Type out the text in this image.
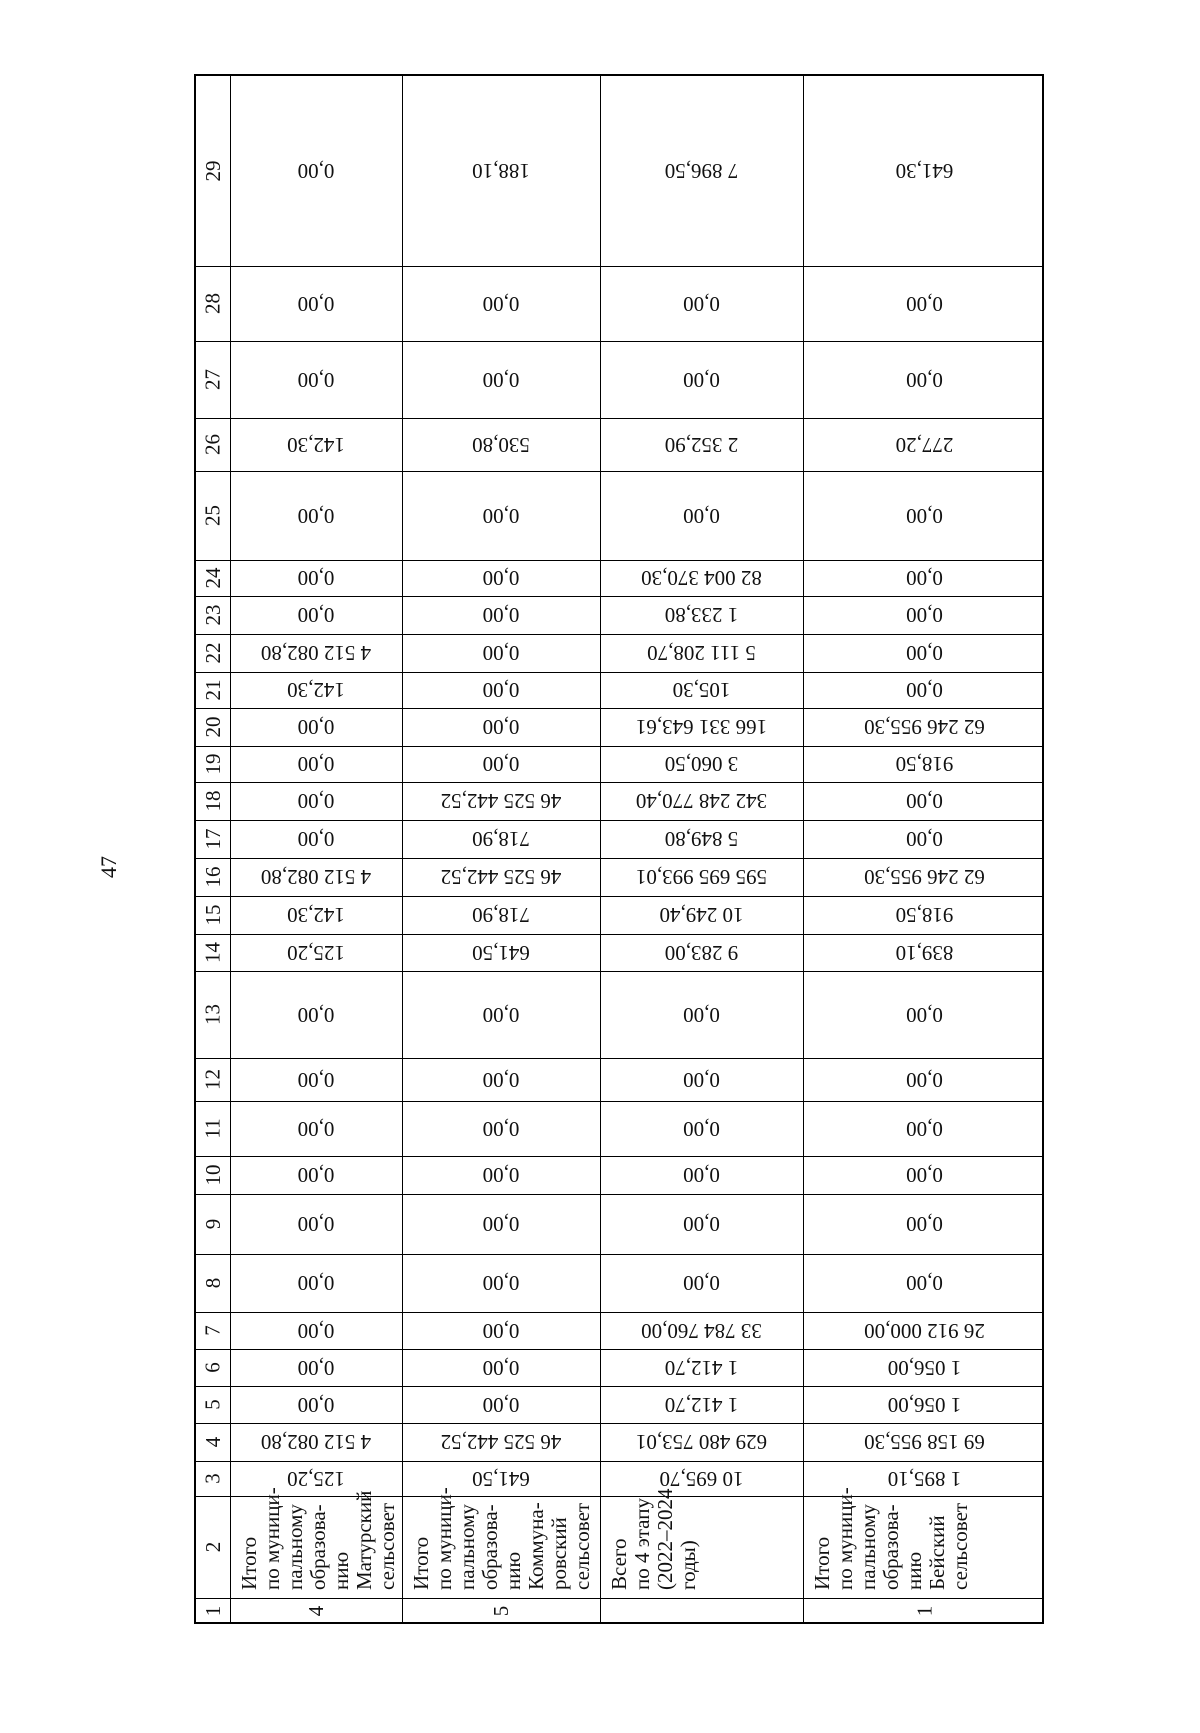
47
1
2
3
4
5
6
7
8
9
10
11
12
13
14
15
16
17
18
19
20
21
22
23
24
25
26
27
28
29
Итого по муници- пальному образова- нию Матурский сельсовет
4
125,20
4 512 082,80
0,00
0,00
0,00
0,00
0,00
0,00
0,00
0,00
0,00
125,20
142,30
4 512 082,80
0,00
0,00
0,00
0,00
142,30
4 512 082,80
0,00
0,00
0,00
142,30
0,00
0,00
0,00
Итого по муници- пальному образова- нию Коммуна- ровский сельсовет
5
641,50
46 525 442,52
0,00
0,00
0,00
0,00
0,00
0,00
0,00
0,00
0,00
641,50
718,90
46 525 442,52
718,90
46 525 442,52
0,00
0,00
0,00
0,00
0,00
0,00
0,00
530,80
0,00
0,00
188,10
Всего по 4 этапу (2022–2024 годы)
10 695,70
629 480 753,01
1 412,70
1 412,70
33 784 760,00
0,00
0,00
0,00
0,00
0,00
0,00
9 283,00
10 249,40
595 695 993,01
5 849,80
342 248 770,40
3 060,50
166 331 643,61
105,30
5 111 208,70
1 233,80
82 004 370,30
0,00
2 352,90
0,00
0,00
7 896,50
Итого по муници- пальному образова- нию Бейский сельсовет
1
1 895,10
69 158 955,30
1 056,00
1 056,00
26 912 000,00
0,00
0,00
0,00
0,00
0,00
0,00
839,10
918,50
62 246 955,30
0,00
0,00
918,50
62 246 955,30
0,00
0,00
0,00
0,00
0,00
277,20
0,00
0,00
641,30
